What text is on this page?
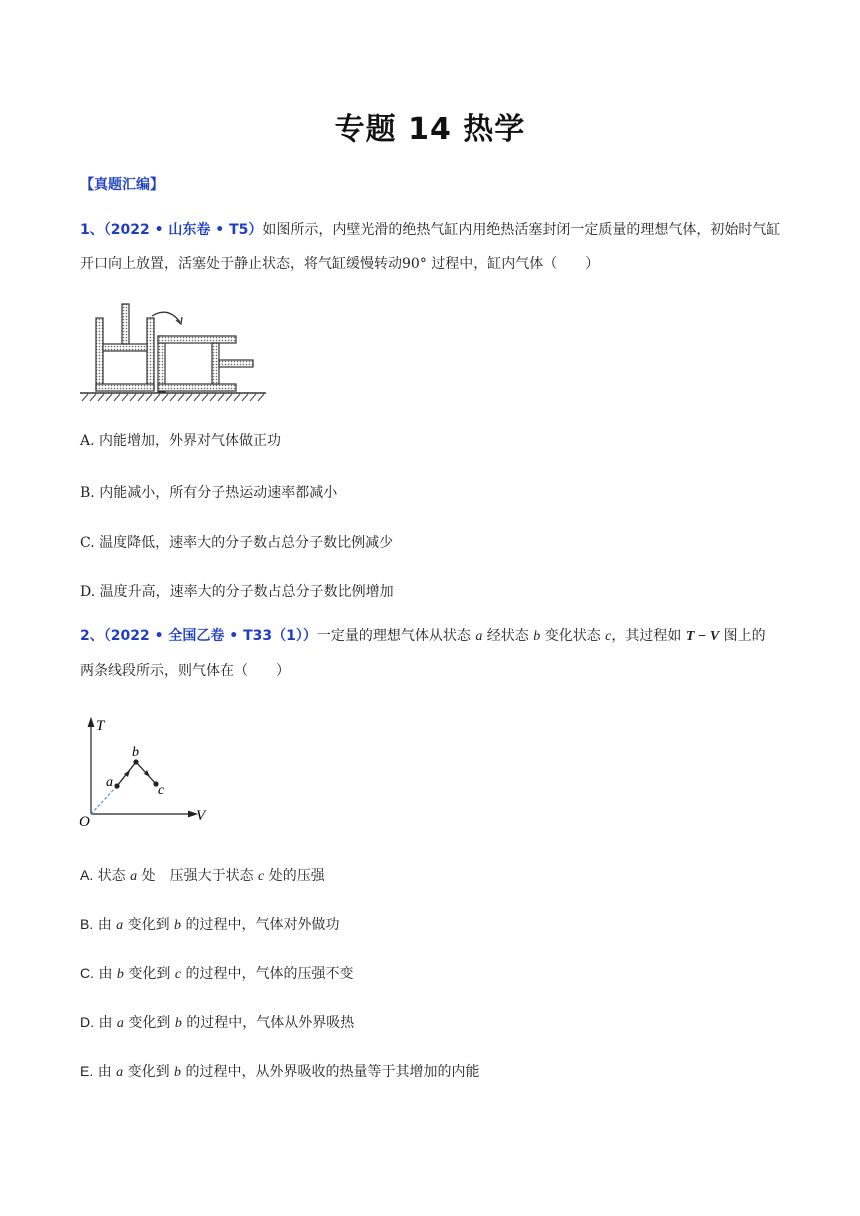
专题 14 热学
【真题汇编】
1、（2022 • 山东卷 • T5）如图所示，内壁光滑的绝热气缸内用绝热活塞封闭一定质量的理想气体，初始时气缸开口向上放置，活塞处于静止状态，将气缸缓慢转动90° 过程中，缸内气体（　　）
A. 内能增加，外界对气体做正功
B. 内能减小，所有分子热运动速率都减小
C. 温度降低，速率大的分子数占总分子数比例减少
D. 温度升高，速率大的分子数占总分子数比例增加
2、（2022 • 全国乙卷 • T33（1））一定量的理想气体从状态 a 经状态 b 变化状态 c，其过程如 T − V 图上的
两条线段所示，则气体在（　　）
T
V
O
a
b
c
A. 状态 a 处　压强大于状态 c 处的压强
B. 由 a 变化到 b 的过程中，气体对外做功
C. 由 b 变化到 c 的过程中，气体的压强不变
D. 由 a 变化到 b 的过程中，气体从外界吸热
E. 由 a 变化到 b 的过程中，从外界吸收的热量等于其增加的内能
